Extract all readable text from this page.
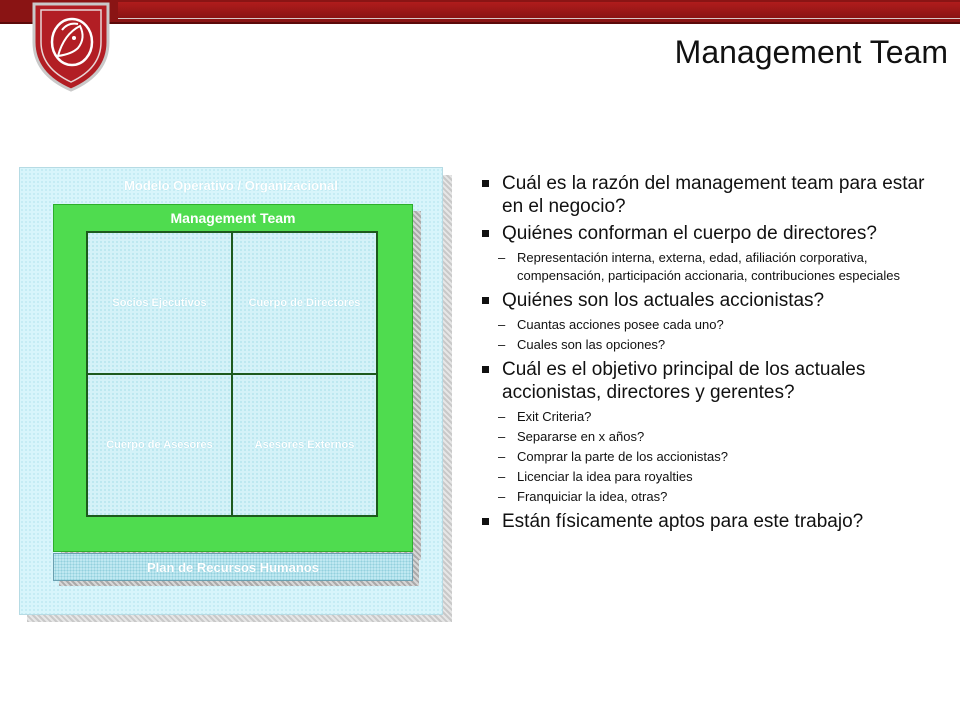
Management Team
Modelo Operativo / Organizacional
Management Team
Socios Ejecutivos	Cuerpo de Directores
Cuerpo de Asesores	Asesores Externos
Plan de Recursos Humanos
Cuál es la razón del management team para estar en el negocio?
Quiénes conforman el cuerpo de directores?
– Representación interna, externa, edad, afiliación corporativa, compensación, participación accionaria, contribuciones especiales
Quiénes son los actuales accionistas?
– Cuantas acciones posee cada uno?
– Cuales son las opciones?
Cuál es el objetivo principal de los actuales accionistas, directores y gerentes?
– Exit Criteria?
– Separarse en x años?
– Comprar la parte de los accionistas?
– Licenciar la idea para royalties
– Franquiciar la idea, otras?
Están físicamente aptos para este trabajo?
